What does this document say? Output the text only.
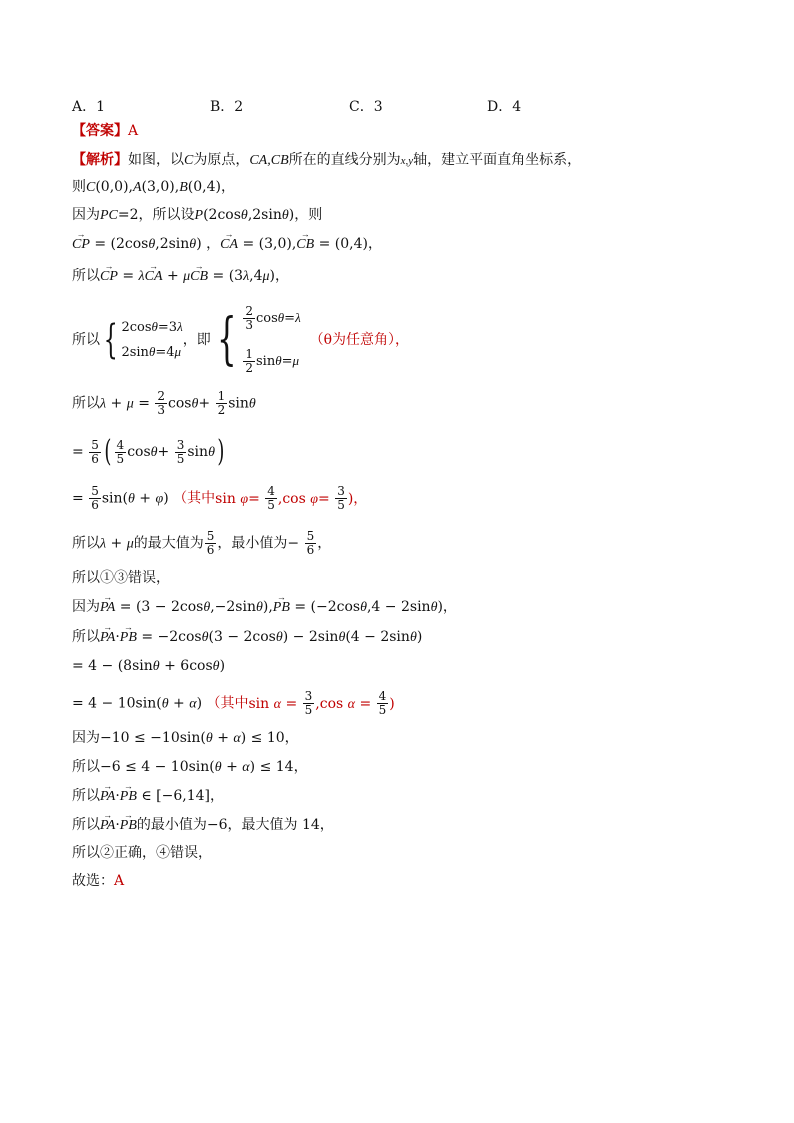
A．1	B．2	C．3	D．4
【答案】A
【解析】如图，以C为原点，CA,CB所在的直线分别为x,y轴，建立平面直角坐标系，
则C(0,0),A(3,0),B(0,4)，
因为PC=2，所以设P(2cosθ,2sinθ)，则
→ CP = (2cosθ,2sinθ) ，→ CA = (3,0),→ CB = (0,4)，
所以→ CP = λ→ CA + μ→ CB = (3λ,4μ)，
所以{ 2cosθ=3λ
2sinθ=4μ，即 { $\frac{2}{3} \cos\theta=\lambda$

$\frac{1}{2} \sin\theta=\mu$  （θ为任意角），
所以$\lambda + \mu = \frac{2}{3} \cos\theta+ \frac{1}{2}$ sinθ
= $\frac{5}{6}$ ( $\frac{4}{5} \cos\theta+ \frac{3}{5} \sin\theta$)
= $\frac{5}{6} \sin(\theta + \varphi)$ （其中$\sin \varphi= \frac{4}{5} ,\cos$ $\varphi= \frac{3}{5}$ )，
所以λ + μ的最大值为 $\frac{5}{6}$ ，最小值为− $\frac{5}{6}$ ，
所以①③错误，
因为→ PA = (3 − 2cosθ,−2sinθ),→ PB = (−2cosθ,4 − 2sinθ)，
所以→ PA·→ PB = −2cosθ(3 − 2cosθ) − 2sinθ(4 − 2sinθ)
= 4 − (8sinθ + 6cosθ)
= 4 − 10sin(θ + α) （其中$\sin \alpha = \frac{3}{5} ,\cos$ $\alpha = \frac{4}{5}$ )
因为−10 ≤ −10sin(θ + α) ≤ 10，
所以−6 ≤ 4 − 10sin(θ + α) ≤ 14，
所以→ PA·→ PB ∈ [−6,14]，
所以→ PA·→ PB的最小值为−6，最大值为 14，
所以②正确，④错误，
故选：A
